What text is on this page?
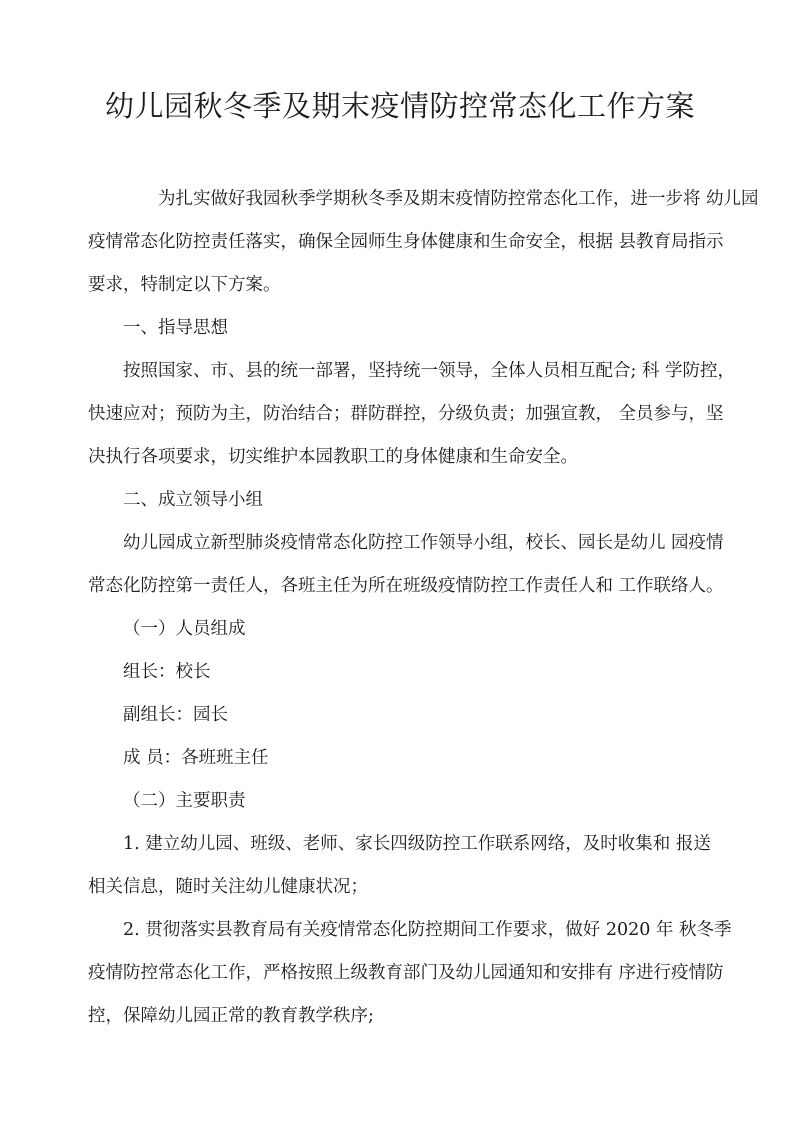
幼儿园秋冬季及期末疫情防控常态化工作方案
为扎实做好我园秋季学期秋冬季及期末疫情防控常态化工作，进一步将 幼儿园
疫情常态化防控责任落实，确保全园师生身体健康和生命安全，根据 县教育局指示
要求，特制定以下方案。
一、指导思想
按照国家、市、县的统一部署，坚持统一领导，全体人员相互配合; 科 学防控，
快速应对；预防为主，防治结合；群防群控，分级负责；加强宣教， 全员参与，坚
决执行各项要求，切实维护本园教职工的身体健康和生命安全。
二、成立领导小组
幼儿园成立新型肺炎疫情常态化防控工作领导小组，校长、园长是幼儿 园疫情
常态化防控第一责任人，各班主任为所在班级疫情防控工作责任人和 工作联络人。
（一）人员组成
组长：校长
副组长：园长
成 员：各班班主任
（二）主要职责
1. 建立幼儿园、班级、老师、家长四级防控工作联系网络，及时收集和 报送
相关信息，随时关注幼儿健康状况；
2. 贯彻落实县教育局有关疫情常态化防控期间工作要求，做好 2020 年 秋冬季
疫情防控常态化工作，严格按照上级教育部门及幼儿园通知和安排有 序进行疫情防
控，保障幼儿园正常的教育教学秩序;
